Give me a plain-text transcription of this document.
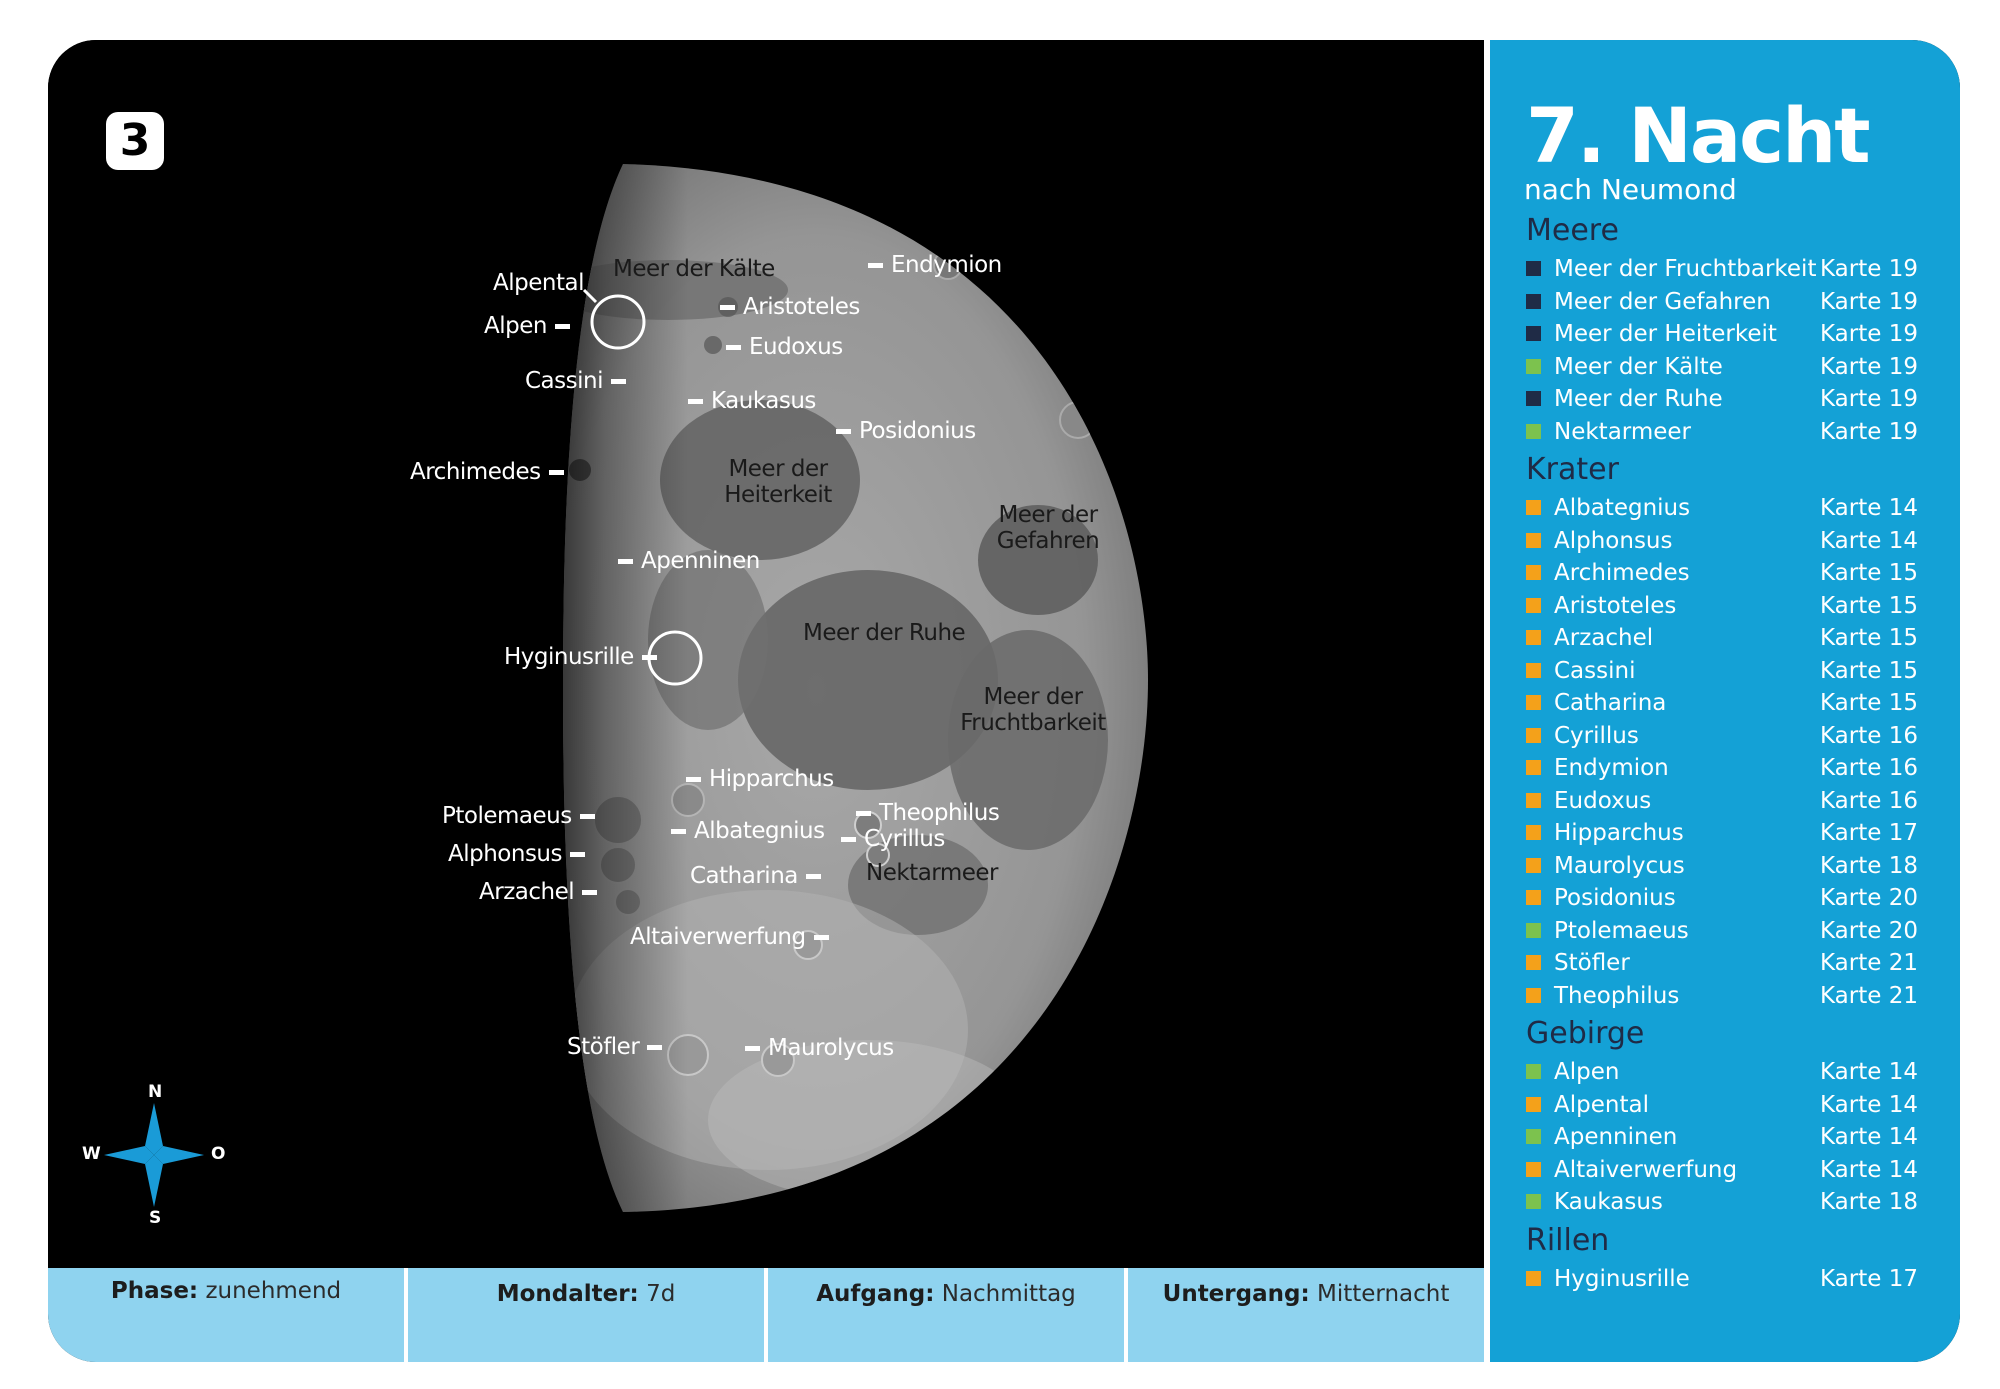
3
N
W	O
S
Meer der Kälte	Endymion
Alpental
Aristoteles
Alpen
Eudoxus
Cassini
Kaukasus
Posidonius
Archimedes	Meer der
Heiterkeit
Meer der
Gefahren
Apenninen
Meer der Ruhe
Hyginusrille
Meer der
Fruchtbarkeit
Hipparchus
Ptolemaeus	Theophilus
Albategnius	Cyrillus
Alphonsus
Catharina	Nektarmeer
Arzachel
Altaiverwerfung
Stöfler	Maurolycus
Phase: zunehmend	Mondalter: 7d	Aufgang: Nachmittag	Untergang: Mitternacht
7. Nacht
nach Neumond
Meere
Meer der Fruchtbarkeit Karte 19
Meer der Gefahren Karte 19
Meer der Heiterkeit Karte 19
Meer der Kälte	Karte 19
Meer der Ruhe	Karte 19
Nektarmeer	Karte 19
Krater
Albategnius	Karte 14
Alphonsus	Karte 14
Archimedes	Karte 15
Aristoteles	Karte 15
Arzachel	Karte 15
Cassini	Karte 15
Catharina	Karte 15
Cyrillus	Karte 16
Endymion	Karte 16
Eudoxus	Karte 16
Hipparchus	Karte 17
Maurolycus	Karte 18
Posidonius	Karte 20
Ptolemaeus	Karte 20
Stöfler	Karte 21
Theophilus	Karte 21
Gebirge
Alpen	Karte 14
Alpental	Karte 14
Apenninen	Karte 14
Altaiverwerfung	Karte 14
Kaukasus	Karte 18
Rillen
Hyginusrille	Karte 17
